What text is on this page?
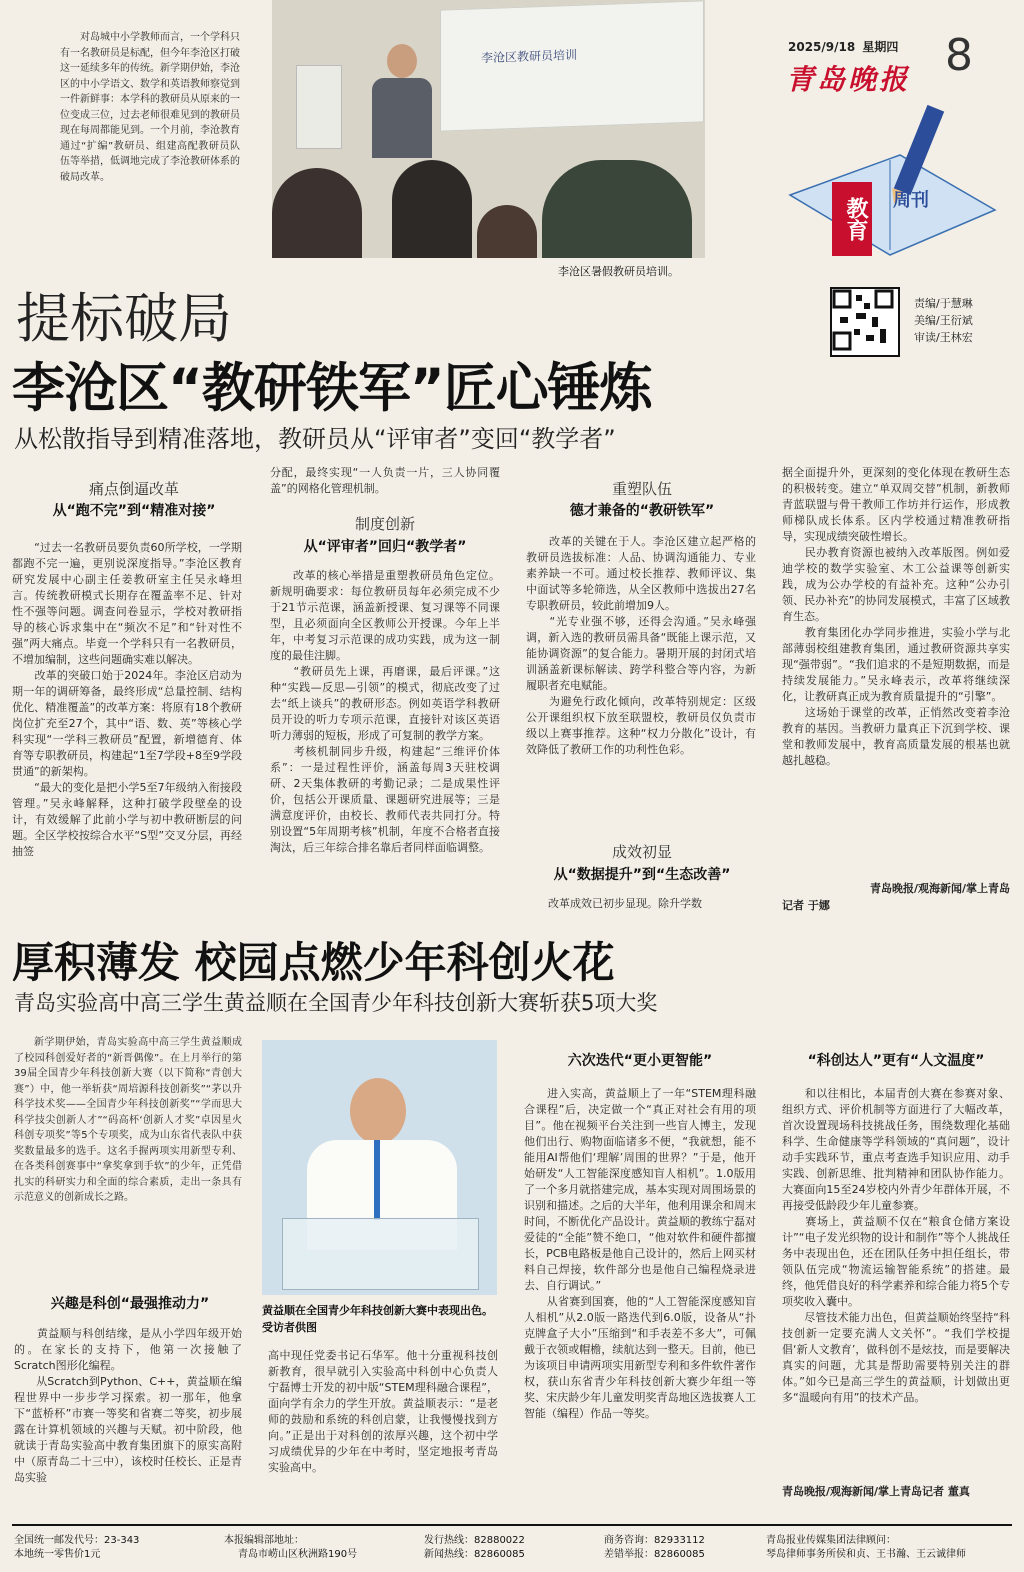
李沧区教研员培训
李沧区暑假教研员培训。
对岛城中小学教师而言，一个学科只有一名教研员是标配，但今年李沧区打破这一延续多年的传统。新学期伊始，李沧区的中小学语文、数学和英语教师察觉到一件新鲜事：本学科的教研员从原来的一位变成三位，过去老师很难见到的教研员现在每周都能见到。一个月前，李沧教育通过“扩编”教研员、组建高配教研员队伍等举措，低调地完成了李沧教研体系的破局改革。
2025/9/18 星期四 8
青岛晚报
教育 周刊
责编/于慧琳
美编/王衍斌
审读/王林宏
提标破局
李沧区“教研铁军”匠心锤炼
从松散指导到精准落地，教研员从“评审者”变回“教学者”
痛点倒逼改革
从“跑不完”到“精准对接”
　　“过去一名教研员要负责60所学校，一学期都跑不完一遍，更别说深度指导。”李沧区教育研究发展中心副主任姜教研室主任吴永峰坦言。传统教研模式长期存在覆盖率不足、针对性不强等问题。调查问卷显示，学校对教研指导的核心诉求集中在“频次不足”和“针对性不强”两大痛点。毕竟一个学科只有一名教研员，不增加编制，这些问题确实难以解决。
　　改革的突破口始于2024年。李沧区启动为期一年的调研筹备，最终形成“总量控制、结构优化、精准覆盖”的改革方案：将原有18个教研岗位扩充至27个，其中“语、数、英”等核心学科实现“一学科三教研员”配置，新增德育、体育等专职教研员，构建起“1至7学段+8至9学段贯通”的新架构。
　　“最大的变化是把小学5至7年级纳入衔接段管理。”吴永峰解释，这种打破学段壁垒的设计，有效缓解了此前小学与初中教研断层的问题。全区学校按综合水平“S型”交叉分层，再经抽签
分配，最终实现“一人负责一片，三人协同覆盖”的网格化管理机制。
制度创新
从“评审者”回归“教学者”
　　改革的核心举措是重塑教研员角色定位。新规明确要求：每位教研员每年必须完成不少于21节示范课，涵盖新授课、复习课等不同课型，且必须面向全区教师公开授课。今年上半年，中考复习示范课的成功实践，成为这一制度的最佳注脚。
　　“教研员先上课，再磨课，最后评课。”这种“实践—反思—引领”的模式，彻底改变了过去“纸上谈兵”的教研形态。例如英语学科教研员开设的听力专项示范课，直接针对该区英语听力薄弱的短板，形成了可复制的教学方案。
　　考核机制同步升级，构建起“三维评价体系”：一是过程性评价，涵盖每周3天驻校调研、2天集体教研的考勤记录；二是成果性评价，包括公开课质量、课题研究进展等；三是满意度评价，由校长、教师代表共同打分。特别设置“5年周期考核”机制，年度不合格者直接淘汰，后三年综合排名靠后者同样面临调整。
重塑队伍
德才兼备的“教研铁军”
　　改革的关键在于人。李沧区建立起严格的教研员选拔标准：人品、协调沟通能力、专业素养缺一不可。通过校长推荐、教师评议、集中面试等多轮筛选，从全区教师中选拔出27名专职教研员，较此前增加9人。
　　“光专业强不够，还得会沟通。”吴永峰强调，新入选的教研员需具备“既能上课示范，又能协调资源”的复合能力。暑期开展的封闭式培训涵盖新课标解读、跨学科整合等内容，为新履职者充电赋能。
　　为避免行政化倾向，改革特别规定：区级公开课组织权下放至联盟校，教研员仅负责市级以上赛事推荐。这种“权力分散化”设计，有效降低了教研工作的功利性色彩。
成效初显
从“数据提升”到“生态改善”
　　改革成效已初步显现。除升学数
据全面提升外，更深刻的变化体现在教研生态的积极转变。建立“单双周交替”机制，新教师青蓝联盟与骨干教师工作坊并行运作，形成教师梯队成长体系。区内学校通过精准教研指导，实现成绩突破性增长。
　　民办教育资源也被纳入改革版图。例如爱迪学校的数学实验室、木工公益课等创新实践，成为公办学校的有益补充。这种“公办引领、民办补充”的协同发展模式，丰富了区域教育生态。
　　教育集团化办学同步推进，实验小学与北部薄弱校组建教育集团，通过教研资源共享实现“强带弱”。“我们追求的不是短期数据，而是持续发展能力。”吴永峰表示，改革将继续深化，让教研真正成为教育质量提升的“引擎”。
　　这场始于课堂的改革，正悄然改变着李沧教育的基因。当教研力量真正下沉到学校、课堂和教师发展中，教育高质量发展的根基也就越扎越稳。
青岛晚报/观海新闻/掌上青岛
记者 于娜
厚积薄发 校园点燃少年科创火花
青岛实验高中高三学生黄益顺在全国青少年科技创新大赛斩获5项大奖
新学期伊始，青岛实验高中高三学生黄益顺成了校园科创爱好者的“新晋偶像”。在上月举行的第39届全国青少年科技创新大赛（以下简称“青创大赛”）中，他一举斩获“周培源科技创新奖”“茅以升科学技术奖——全国青少年科技创新奖”“学而思大科学技尖创新人才”“码高杯‘创新人才奖”卓因星火科创专项奖”等5个专项奖，成为山东省代表队中获奖数量最多的选手。这名手握两项实用新型专利、在各类科创赛事中“拿奖拿到手软”的少年，正凭借扎实的科研实力和全面的综合素质，走出一条具有示范意义的创新成长之路。
兴趣是科创“最强推动力”
　　黄益顺与科创结缘，是从小学四年级开始的。在家长的支持下，他第一次接触了Scratch图形化编程。
　　从Scratch到Python、C++，黄益顺在编程世界中一步步学习探索。初一那年，他拿下“蓝桥杯”市赛一等奖和省赛二等奖，初步展露在计算机领域的兴趣与天赋。初中阶段，他就读于青岛实验高中教育集团旗下的原实高附中（原青岛二十三中），该校时任校长、正是青岛实验
黄益顺在全国青少年科技创新大赛中表现出色。受访者供图
高中现任党委书记石华军。他十分重视科技创新教育，很早就引入实验高中科创中心负责人宁磊博士开发的初中版“STEM理科融合课程”，面向学有余力的学生开放。黄益顺表示：“是老师的鼓励和系统的科创启蒙，让我慢慢找到方向。”正是出于对科创的浓厚兴趣，这个初中学习成绩优异的少年在中考时，坚定地报考青岛实验高中。
六次迭代“更小更智能”
　　进入实高，黄益顺上了一年“STEM理科融合课程”后，决定做一个“真正对社会有用的项目”。他在视频平台关注到一些盲人博主，发现他们出行、购物面临诸多不便，“我就想，能不能用AI帮他们‘理解’周围的世界？”于是，他开始研发“人工智能深度感知盲人相机”。1.0版用了一个多月就搭建完成，基本实现对周围场景的识别和描述。之后的大半年，他利用课余和周末时间，不断优化产品设计。黄益顺的教练宁磊对爱徒的“全能”赞不绝口，“他对软件和硬件都擅长，PCB电路板是他自己设计的，然后上网买材料自己焊接，软件部分也是他自己编程烧录进去、自行调试。”
　　从省赛到国赛，他的“人工智能深度感知盲人相机”从2.0版一路迭代到6.0版，设备从“扑克牌盒子大小”压缩到“和手表差不多大”，可佩戴于衣领或帽檐，续航达到一整天。目前，他已为该项目申请两项实用新型专利和多件软件著作权，获山东省青少年科技创新大赛少年组一等奖、宋庆龄少年儿童发明奖青岛地区选拔赛人工智能（编程）作品一等奖。
“科创达人”更有“人文温度”
　　和以往相比，本届青创大赛在参赛对象、组织方式、评价机制等方面进行了大幅改革，首次设置现场科技挑战任务，围绕数理化基础科学、生命健康等学科领域的“真问题”，设计动手实践环节，重点考查选手知识应用、动手实践、创新思维、批判精神和团队协作能力。大赛面向15至24岁校内外青少年群体开展，不再接受低龄段少年儿童参赛。
　　赛场上，黄益顺不仅在“粮食仓储方案设计”“电子发光织物的设计和制作”等个人挑战任务中表现出色，还在团队任务中担任组长，带领队伍完成“物流运输智能系统”的搭建。最终，他凭借良好的科学素养和综合能力将5个专项奖收入囊中。
　　尽管技术能力出色，但黄益顺始终坚持“科技创新一定要充满人文关怀”。“我们学校提倡‘新人文教育’，做科创不是炫技，而是要解决真实的问题，尤其是帮助需要特别关注的群体。”如今已是高三学生的黄益顺，计划做出更多“温暖向有用”的技术产品。
青岛晚报/观海新闻/掌上青岛记者 董真
全国统一邮发代号：23-343
本地统一零售价1元
本报编辑部地址：
青岛市崂山区秋洲路190号
发行热线：82880022
新闻热线：82860085
商务咨询：82933112
差错举报：82860085
青岛报业传媒集团法律顾问：
琴岛律师事务所侯和贞、王书瀚、王云诚律师
